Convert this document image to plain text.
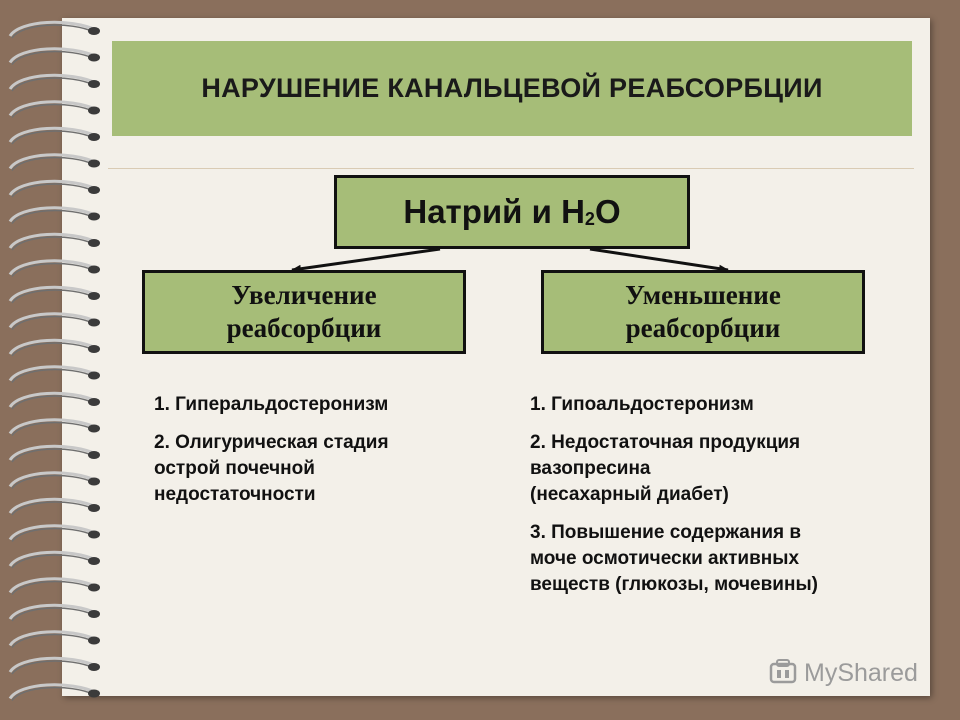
НАРУШЕНИЕ КАНАЛЬЦЕВОЙ РЕАБСОРБЦИИ
Натрий и $Н_2О$
Увеличение реабсорбции
Уменьшение реабсорбции
1. Гиперальдостеронизм
2. Олигурическая стадия
острой почечной
недостаточности
1. Гипоальдостеронизм
2. Недостаточная продукция
вазопресина
(несахарный диабет)
3. Повышение содержания в
моче осмотически активных
веществ (глюкозы, мочевины)
MyShared
